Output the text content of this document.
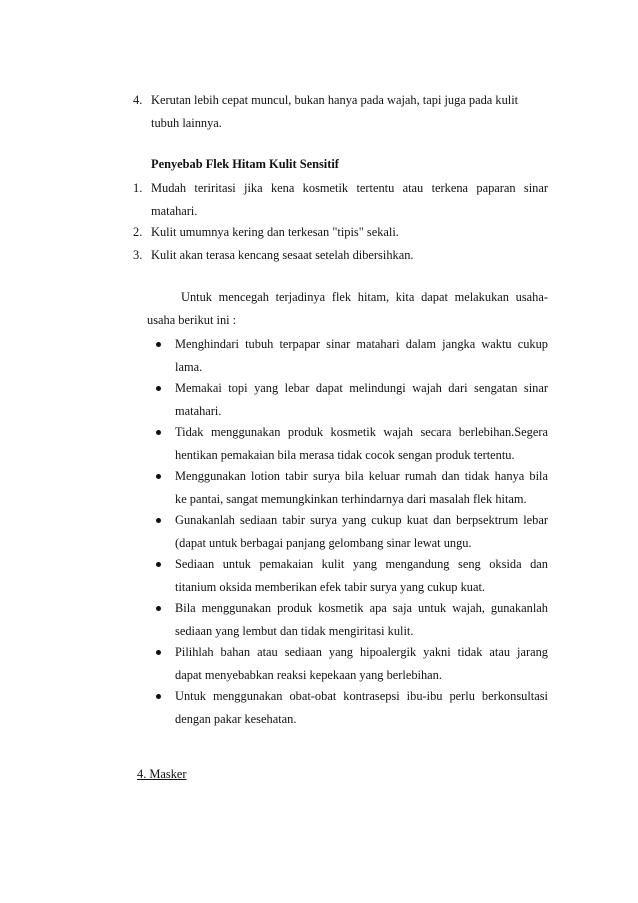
4. Kerutan lebih cepat muncul, bukan hanya pada wajah, tapi juga pada kulit
tubuh lainnya.
Penyebab Flek Hitam Kulit Sensitif
1. Mudah teriritasi jika kena kosmetik tertentu atau terkena paparan sinar
matahari.
2. Kulit umumnya kering dan terkesan "tipis" sekali.
3. Kulit akan terasa kencang sesaat setelah dibersihkan.
Untuk mencegah terjadinya flek hitam, kita dapat melakukan usaha-
usaha berikut ini :
Menghindari tubuh terpapar sinar matahari dalam jangka waktu cukup
lama.
Memakai topi yang lebar dapat melindungi wajah dari sengatan sinar
matahari.
Tidak menggunakan produk kosmetik wajah secara berlebihan.Segera
hentikan pemakaian bila merasa tidak cocok sengan produk tertentu.
Menggunakan lotion tabir surya bila keluar rumah dan tidak hanya bila
ke pantai, sangat memungkinkan terhindarnya dari masalah flek hitam.
Gunakanlah sediaan tabir surya yang cukup kuat dan berpsektrum lebar
(dapat untuk berbagai panjang gelombang sinar lewat ungu.
Sediaan untuk pemakaian kulit yang mengandung seng oksida dan
titanium oksida memberikan efek tabir surya yang cukup kuat.
Bila menggunakan produk kosmetik apa saja untuk wajah, gunakanlah
sediaan yang lembut dan tidak mengiritasi kulit.
Pilihlah bahan atau sediaan yang hipoalergik yakni tidak atau jarang
dapat menyebabkan reaksi kepekaan yang berlebihan.
Untuk menggunakan obat-obat kontrasepsi ibu-ibu perlu berkonsultasi
dengan pakar kesehatan.
4. Masker
